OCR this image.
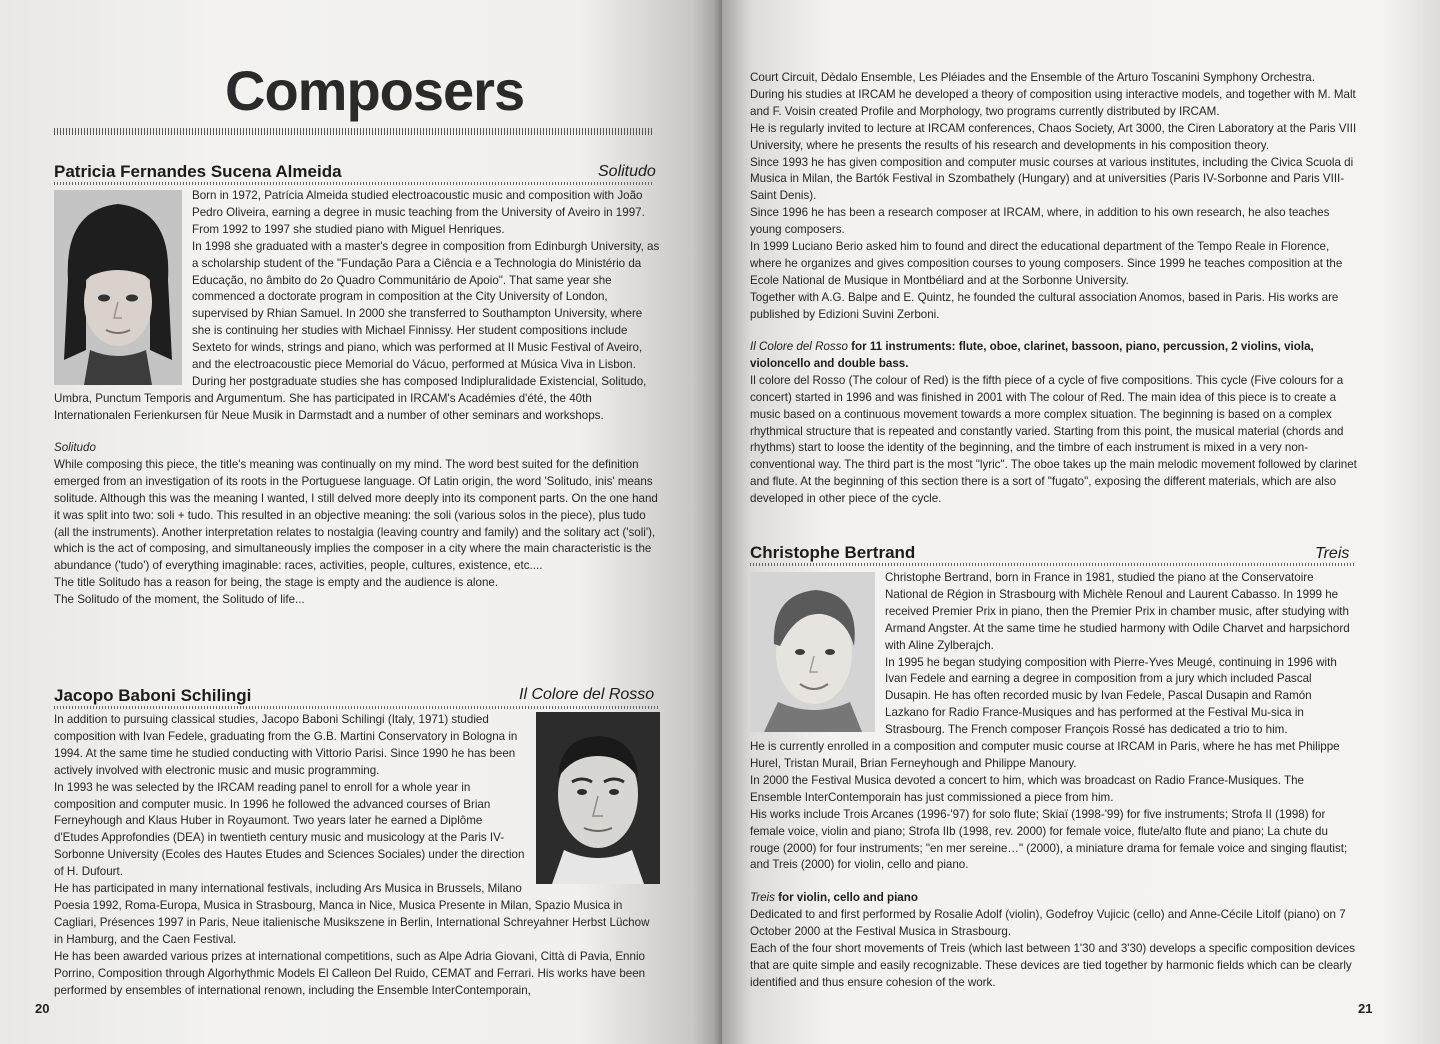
Composers
Patricia Fernandes Sucena Almeida	Solitudo

Born in 1972, Patrícia Almeida studied electroacoustic music and composition with João Pedro Oliveira, earning a degree in music teaching from the University of Aveiro in 1997. From 1992 to 1997 she studied piano with Miguel Henriques.

In 1998 she graduated with a master's degree in composition from Edinburgh University, as a scholarship student of the "Fundação Para a Ciência e a Technologia do Ministério da Educação, no âmbito do 2o Quadro Communitário de Apoio". That same year she commenced a doctorate program in composition at the City University of London, supervised by Rhian Samuel. In 2000 she transferred to Southampton University, where she is continuing her studies with Michael Finnissy. Her student compositions include Sexteto for winds, strings and piano, which was performed at II Music Festival of Aveiro, and the electroacoustic piece Memorial do Vácuo, performed at Música Viva in Lisbon. During her postgraduate studies she has composed Indipluralidade Existencial, Solitudo, Umbra, Punctum Temporis and Argumentum. She has participated in IRCAM's Académies d'été, the 40th Internationalen Ferienkursen für Neue Musik in Darmstadt and a number of other seminars and workshops.

Solitudo

While composing this piece, the title's meaning was continually on my mind. The word best suited for the definition emerged from an investigation of its roots in the Portuguese language. Of Latin origin, the word 'Solitudo, inis' means solitude. Although this was the meaning I wanted, I still delved more deeply into its component parts. On the one hand it was split into two: soli + tudo. This resulted in an objective meaning: the soli (various solos in the piece), plus tudo (all the instruments). Another interpretation relates to nostalgia (leaving country and family) and the solitary act ('soli'), which is the act of composing, and simultaneously implies the composer in a city where the main characteristic is the abundance ('tudo') of everything imaginable: races, activities, people, cultures, existence, etc....

The title Solitudo has a reason for being, the stage is empty and the audience is alone.

The Solitudo of the moment, the Solitudo of life...

Jacopo Baboni Schilingi	Il Colore del Rosso

In addition to pursuing classical studies, Jacopo Baboni Schilingi (Italy, 1971) studied composition with Ivan Fedele, graduating from the G.B. Martini Conservatory in Bologna in 1994. At the same time he studied conducting with Vittorio Parisi. Since 1990 he has been actively involved with electronic music and music programming.

In 1993 he was selected by the IRCAM reading panel to enroll for a whole year in composition and computer music. In 1996 he followed the advanced courses of Brian Ferneyhough and Klaus Huber in Royaumont. Two years later he earned a Diplôme d'Etudes Approfondies (DEA) in twentieth century music and musicology at the Paris IV-Sorbonne University (Ecoles des Hautes Etudes and Sciences Sociales) under the direction of H. Dufourt.

He has participated in many international festivals, including Ars Musica in Brussels, Milano Poesia 1992, Roma-Europa, Musica in Strasbourg, Manca in Nice, Musica Presente in Milan, Spazio Musica in Cagliari, Présences 1997 in Paris, Neue italienische Musikszene in Berlin, International Schreyahner Herbst Lüchow in Hamburg, and the Caen Festival.

He has been awarded various prizes at international competitions, such as Alpe Adria Giovani, Città di Pavia, Ennio Porrino, Composition through Algorhythmic Models El Calleon Del Ruido, CEMAT and Ferrari. His works have been performed by ensembles of international renown, including the Ensemble InterContemporain,

20

Court Circuit, Dèdalo Ensemble, Les Pléiades and the Ensemble of the Arturo Toscanini Symphony Orchestra.

During his studies at IRCAM he developed a theory of composition using interactive models, and together with M. Malt and F. Voisin created Profile and Morphology, two programs currently distributed by IRCAM.

He is regularly invited to lecture at IRCAM conferences, Chaos Society, Art 3000, the Ciren Laboratory at the Paris VIII University, where he presents the results of his research and developments in his composition theory.

Since 1993 he has given composition and computer music courses at various institutes, including the Civica Scuola di Musica in Milan, the Bartók Festival in Szombathely (Hungary) and at universities (Paris IV-Sorbonne and Paris VIII-Saint Denis).

Since 1996 he has been a research composer at IRCAM, where, in addition to his own research, he also teaches young composers.

In 1999 Luciano Berio asked him to found and direct the educational department of the Tempo Reale in Florence, where he organizes and gives composition courses to young composers. Since 1999 he teaches composition at the Ecole National de Musique in Montbéliard and at the Sorbonne University.

Together with A.G. Balpe and E. Quintz, he founded the cultural association Anomos, based in Paris. His works are published by Edizioni Suvini Zerboni.

Il Colore del Rosso for 11 instruments: flute, oboe, clarinet, bassoon, piano, percussion, 2 violins, viola, violoncello and double bass.

Il colore del Rosso (The colour of Red) is the fifth piece of a cycle of five compositions. This cycle (Five colours for a concert) started in 1996 and was finished in 2001 with The colour of Red. The main idea of this piece is to create a music based on a continuous movement towards a more complex situation. The beginning is based on a complex rhythmical structure that is repeated and constantly varied. Starting from this point, the musical material (chords and rhythms) start to loose the identity of the beginning, and the timbre of each instrument is mixed in a very non-conventional way. The third part is the most "lyric". The oboe takes up the main melodic movement followed by clarinet and flute. At the beginning of this section there is a sort of "fugato", exposing the different materials, which are also developed in other piece of the cycle.

Christophe Bertrand	Treis

Christophe Bertrand, born in France in 1981, studied the piano at the Conservatoire National de Région in Strasbourg with Michèle Renoul and Laurent Cabasso. In 1999 he received Premier Prix in piano, then the Premier Prix in chamber music, after studying with Armand Angster. At the same time he studied harmony with Odile Charvet and harpsichord with Aline Zylberajch.

In 1995 he began studying composition with Pierre-Yves Meugé, continuing in 1996 with Ivan Fedele and earning a degree in composition from a jury which included Pascal Dusapin. He has often recorded music by Ivan Fedele, Pascal Dusapin and Ramón Lazkano for Radio France-Musiques and has performed at the Festival Mu-sica in Strasbourg. The French composer François Rossé has dedicated a trio to him.

He is currently enrolled in a composition and computer music course at IRCAM in Paris, where he has met Philippe Hurel, Tristan Murail, Brian Ferneyhough and Philippe Manoury.

In 2000 the Festival Musica devoted a concert to him, which was broadcast on Radio France-Musiques. The Ensemble InterContemporain has just commissioned a piece from him.

His works include Trois Arcanes (1996-'97) for solo flute; Skiaï (1998-'99) for five instruments; Strofa II (1998) for female voice, violin and piano; Strofa IIb (1998, rev. 2000) for female voice, flute/alto flute and piano; La chute du rouge (2000) for four instruments; "en mer sereine…" (2000), a miniature drama for female voice and singing flautist; and Treis (2000) for violin, cello and piano.

Treis for violin, cello and piano

Dedicated to and first performed by Rosalie Adolf (violin), Godefroy Vujicic (cello) and Anne-Cécile Litolf (piano) on 7 October 2000 at the Festival Musica in Strasbourg.

Each of the four short movements of Treis (which last between 1'30 and 3'30) develops a specific composition devices that are quite simple and easily recognizable. These devices are tied together by harmonic fields which can be clearly identified and thus ensure cohesion of the work.

21
